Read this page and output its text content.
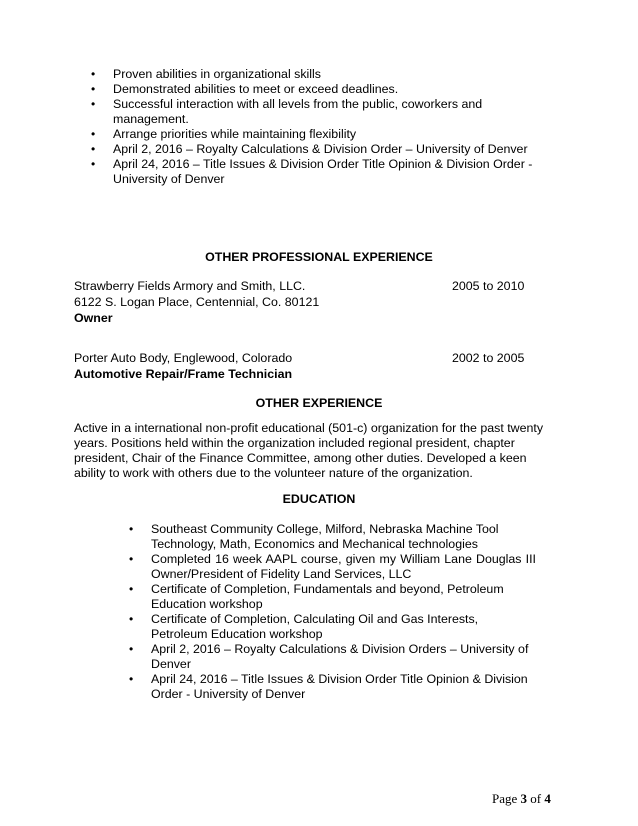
• Proven abilities in organizational skills
• Demonstrated abilities to meet or exceed deadlines.
• Successful interaction with all levels from the public, coworkers and management.
• Arrange priorities while maintaining flexibility
• April 2, 2016 – Royalty Calculations & Division Order – University of Denver
• April 24, 2016 – Title Issues & Division Order Title Opinion & Division Order - University of Denver
OTHER PROFESSIONAL EXPERIENCE
Strawberry Fields Armory and Smith, LLC.	2005 to 2010
6122 S. Logan Place, Centennial, Co. 80121
Owner
Porter Auto Body, Englewood, Colorado	2002 to 2005
Automotive Repair/Frame Technician
OTHER EXPERIENCE
Active in a international non-profit educational (501-c) organization for the past twenty years. Positions held within the organization included regional president, chapter president, Chair of the Finance Committee, among other duties. Developed a keen ability to work with others due to the volunteer nature of the organization.
EDUCATION
• Southeast Community College, Milford, Nebraska Machine Tool Technology, Math, Economics and Mechanical technologies
• Completed 16 week AAPL course, given my William Lane Douglas III Owner/President of Fidelity Land Services, LLC
• Certificate of Completion, Fundamentals and beyond, Petroleum Education workshop
• Certificate of Completion, Calculating Oil and Gas Interests, Petroleum Education workshop
• April 2, 2016 – Royalty Calculations & Division Orders – University of Denver
• April 24, 2016 – Title Issues & Division Order Title Opinion & Division Order - University of Denver
Page 3 of 4
